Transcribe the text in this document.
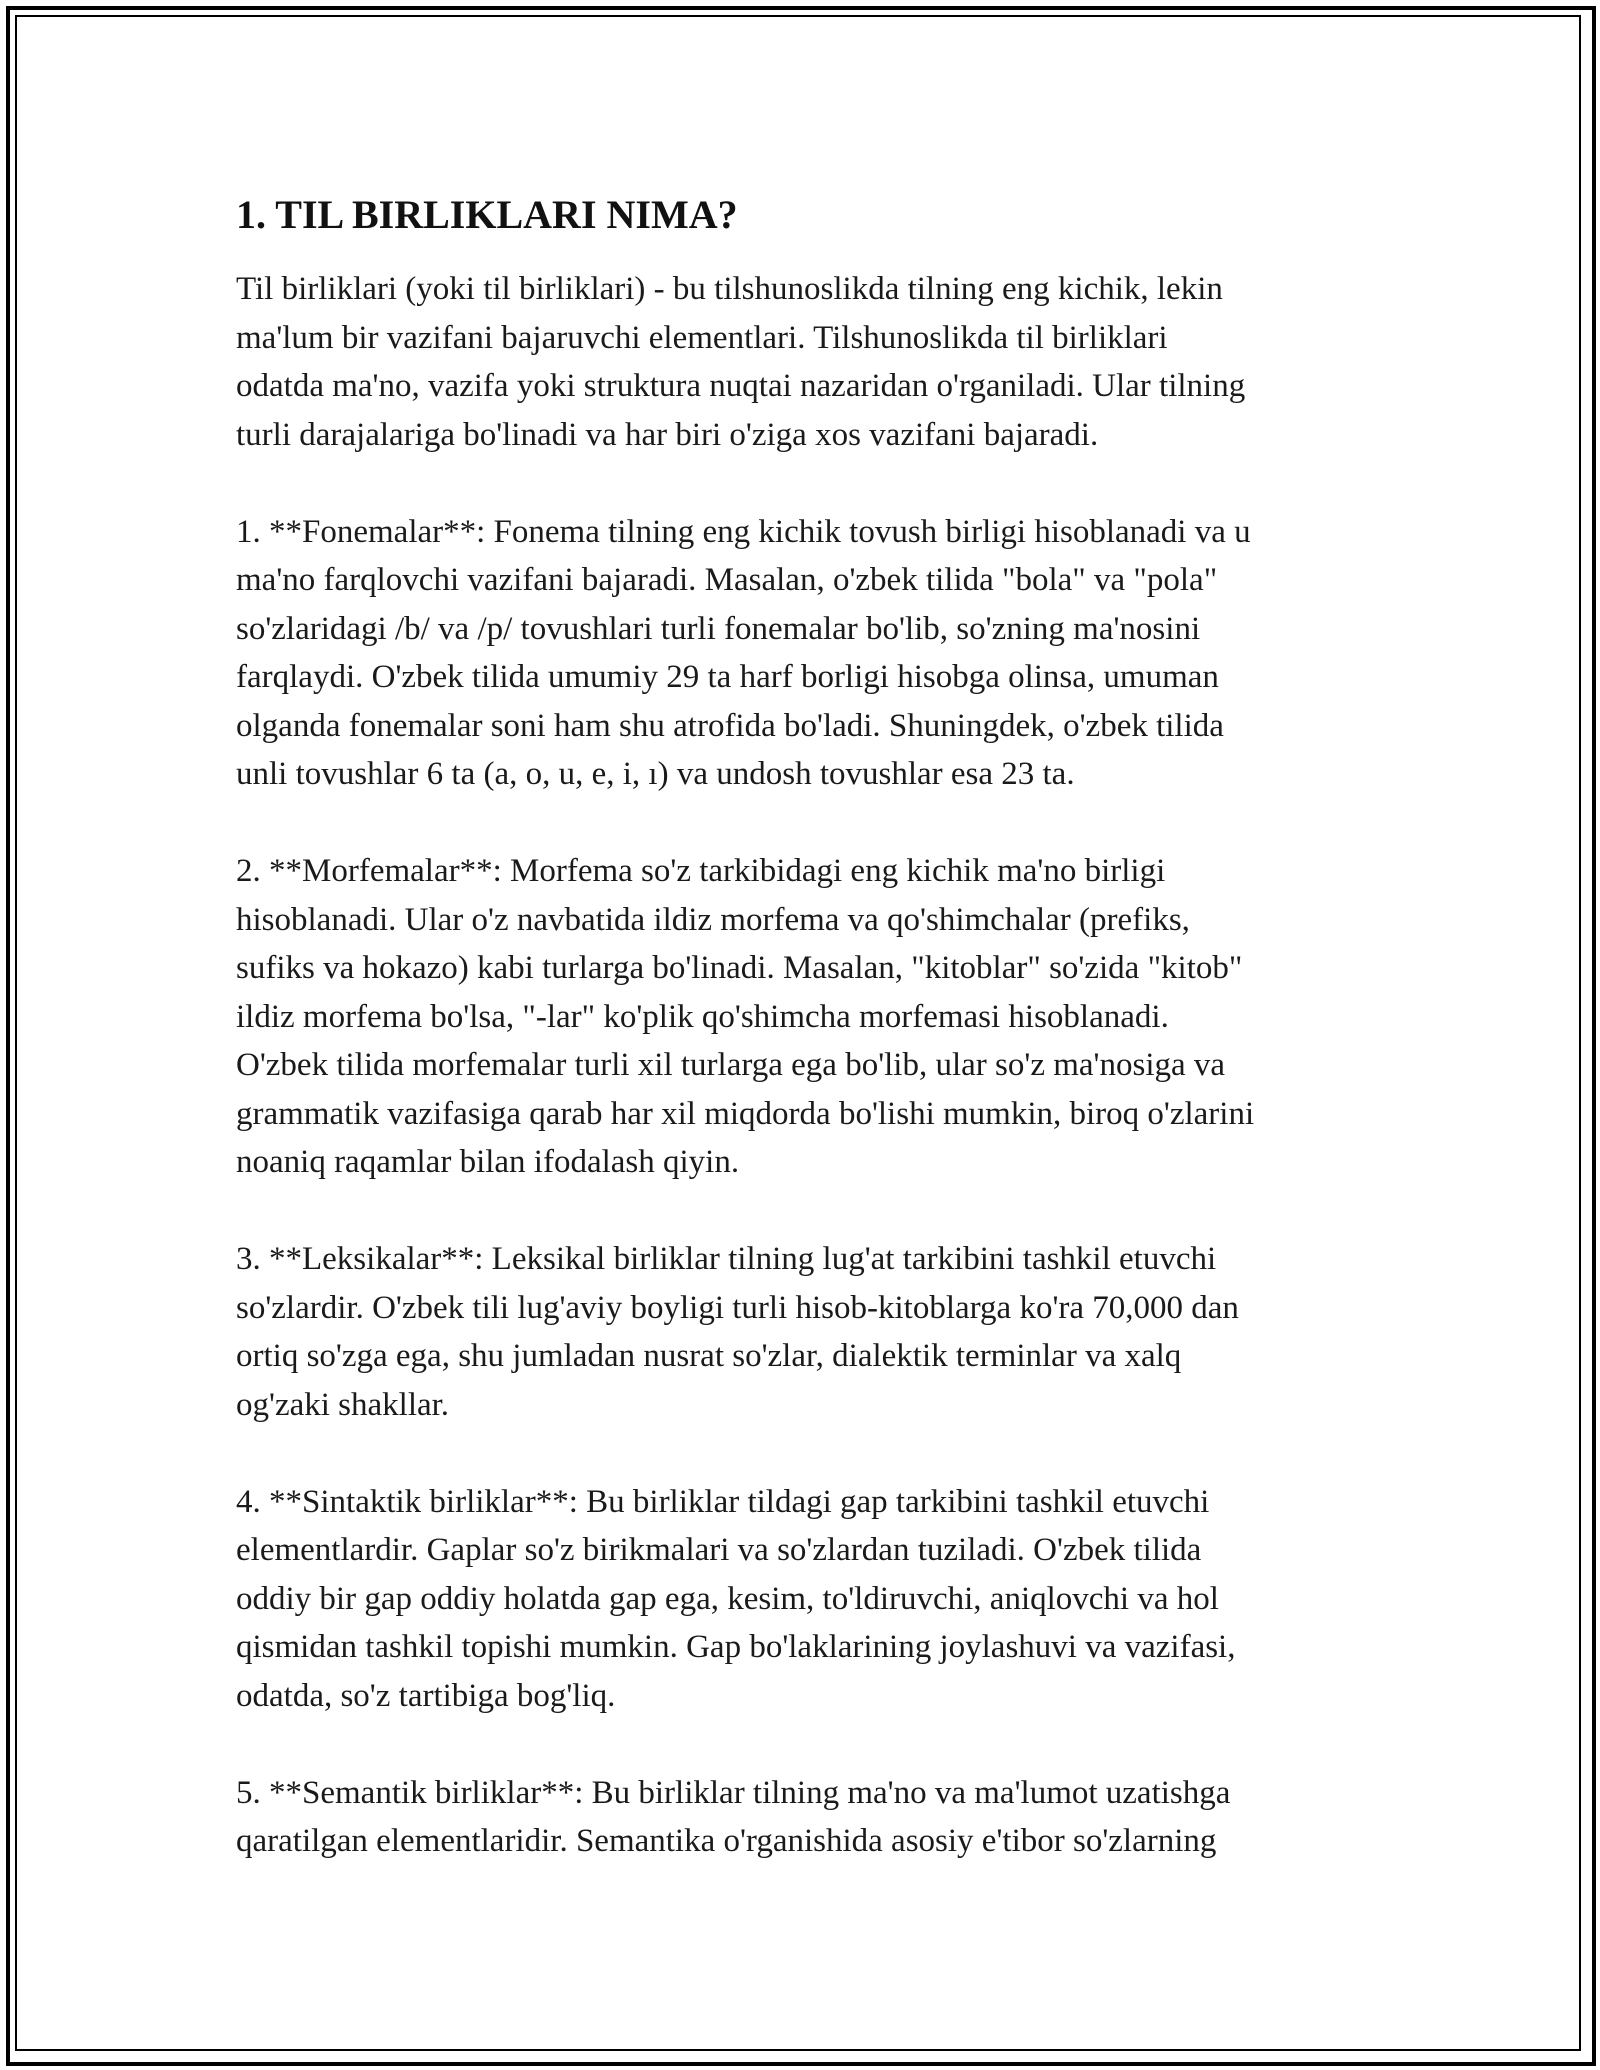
1. TIL BIRLIKLARI NIMA?
Til birliklari (yoki til birliklari) - bu tilshunoslikda tilning eng kichik, lekin
ma'lum bir vazifani bajaruvchi elementlari. Tilshunoslikda til birliklari
odatda ma'no, vazifa yoki struktura nuqtai nazaridan o'rganiladi. Ular tilning
turli darajalariga bo'linadi va har biri o'ziga xos vazifani bajaradi.
1. **Fonemalar**: Fonema tilning eng kichik tovush birligi hisoblanadi va u
ma'no farqlovchi vazifani bajaradi. Masalan, o'zbek tilida "bola" va "pola"
so'zlaridagi /b/ va /p/ tovushlari turli fonemalar bo'lib, so'zning ma'nosini
farqlaydi. O'zbek tilida umumiy 29 ta harf borligi hisobga olinsa, umuman
olganda fonemalar soni ham shu atrofida bo'ladi. Shuningdek, o'zbek tilida
unli tovushlar 6 ta (a, o, u, e, i, ı) va undosh tovushlar esa 23 ta.
2. **Morfemalar**: Morfema so'z tarkibidagi eng kichik ma'no birligi
hisoblanadi. Ular o'z navbatida ildiz morfema va qo'shimchalar (prefiks,
sufiks va hokazo) kabi turlarga bo'linadi. Masalan, "kitoblar" so'zida "kitob"
ildiz morfema bo'lsa, "-lar" ko'plik qo'shimcha morfemasi hisoblanadi.
O'zbek tilida morfemalar turli xil turlarga ega bo'lib, ular so'z ma'nosiga va
grammatik vazifasiga qarab har xil miqdorda bo'lishi mumkin, biroq o'zlarini
noaniq raqamlar bilan ifodalash qiyin.
3. **Leksikalar**: Leksikal birliklar tilning lug'at tarkibini tashkil etuvchi
so'zlardir. O'zbek tili lug'aviy boyligi turli hisob-kitoblarga ko'ra 70,000 dan
ortiq so'zga ega, shu jumladan nusrat so'zlar, dialektik terminlar va xalq
og'zaki shakllar.
4. **Sintaktik birliklar**: Bu birliklar tildagi gap tarkibini tashkil etuvchi
elementlardir. Gaplar so'z birikmalari va so'zlardan tuziladi. O'zbek tilida
oddiy bir gap oddiy holatda gap ega, kesim, to'ldiruvchi, aniqlovchi va hol
qismidan tashkil topishi mumkin. Gap bo'laklarining joylashuvi va vazifasi,
odatda, so'z tartibiga bog'liq.
5. **Semantik birliklar**: Bu birliklar tilning ma'no va ma'lumot uzatishga
qaratilgan elementlaridir. Semantika o'rganishida asosiy e'tibor so'zlarning
